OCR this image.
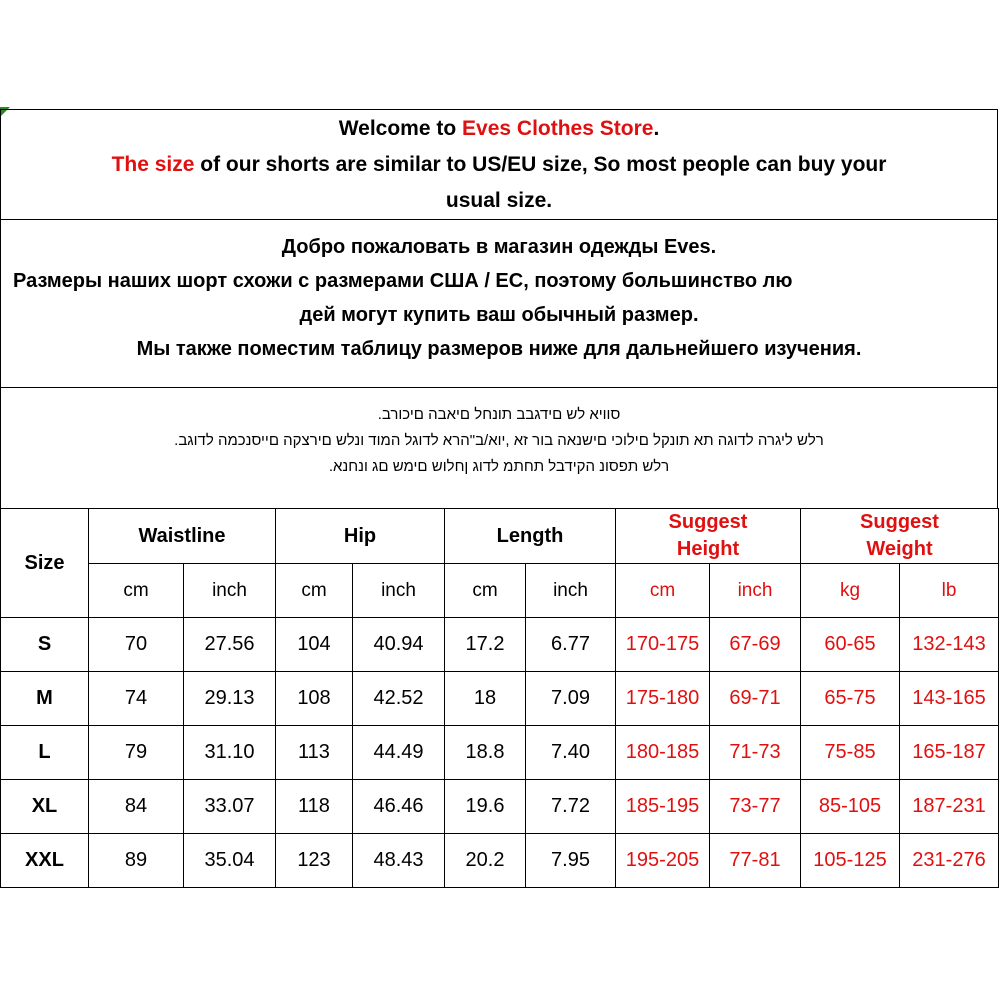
Welcome to Eves Clothes Store.
The size of our shorts are similar to US/EU size, So most people can buy your
usual size.
Добро пожаловать в магазин одежды Eves.
Размеры наших шорт схожи с размерами США / ЕС, поэтому большинство лю
дей могут купить ваш обычный размер.
Мы также поместим таблицу размеров ниже для дальнейшего изучения.
סוויא לש םידגבב תונחל םיאבה םיכורב.
רלש ליגרה לדוגה תא תונקל םילוכי םישנאה בור זא ,יוא/ב"הרא לדוגל המוד ונלש םירצקה םייסנכמה לדוגב.
רלש תפסונ הקידבל תחתמ לדוג ןחלוש םימש םג ונחנא.
Size	Waistline		Hip		Length		Suggest Height		Suggest Weight	
	cm	inch	cm	inch	cm	inch	cm	inch	kg	lb
S	70	27.56	104	40.94	17.2	6.77	170-175	67-69	60-65	132-143
M	74	29.13	108	42.52	18	7.09	175-180	69-71	65-75	143-165
L	79	31.10	113	44.49	18.8	7.40	180-185	71-73	75-85	165-187
XL	84	33.07	118	46.46	19.6	7.72	185-195	73-77	85-105	187-231
XXL	89	35.04	123	48.43	20.2	7.95	195-205	77-81	105-125	231-276
